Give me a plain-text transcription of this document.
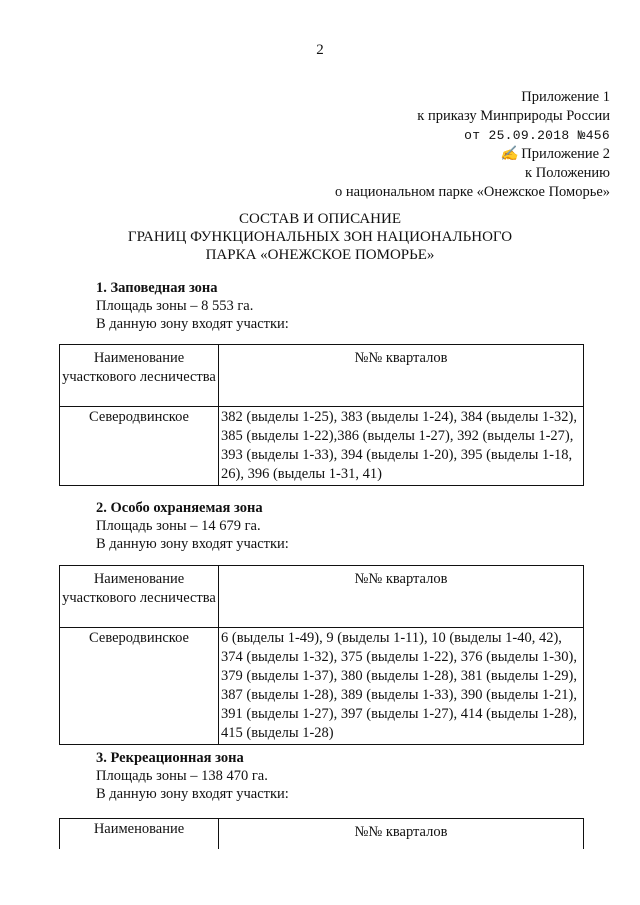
2
Приложение 1
к приказу Минприроды России
от 25.09.2018 №456
✍ Приложение 2
к Положению
о национальном парке «Онежское Поморье»
СОСТАВ И ОПИСАНИЕ
ГРАНИЦ ФУНКЦИОНАЛЬНЫХ ЗОН НАЦИОНАЛЬНОГО
ПАРКА «ОНЕЖСКОЕ ПОМОРЬЕ»
1. Заповедная зона
Площадь зоны – 8 553 га.
В данную зону входят участки:
Наименование участкового лесничества	№№ кварталов
Северодвинское	382 (выделы 1-25), 383 (выделы 1-24), 384 (выделы 1-32), 385 (выделы 1-22),386 (выделы 1-27), 392 (выделы 1-27), 393 (выделы 1-33), 394 (выделы 1-20), 395 (выделы 1-18, 26), 396 (выделы 1-31, 41)
2. Особо охраняемая зона
Площадь зоны – 14 679 га.
В данную зону входят участки:
Наименование участкового лесничества	№№ кварталов
Северодвинское	6 (выделы 1-49), 9 (выделы 1-11), 10 (выделы 1-40, 42), 374 (выделы 1-32), 375 (выделы 1-22), 376 (выделы 1-30), 379 (выделы 1-37), 380 (выделы 1-28), 381 (выделы 1-29), 387 (выделы 1-28), 389 (выделы 1-33), 390 (выделы 1-21), 391 (выделы 1-27), 397 (выделы 1-27), 414 (выделы 1-28), 415 (выделы 1-28)
3. Рекреационная зона
Площадь зоны – 138 470 га.
В данную зону входят участки:
Наименование	№№ кварталов
